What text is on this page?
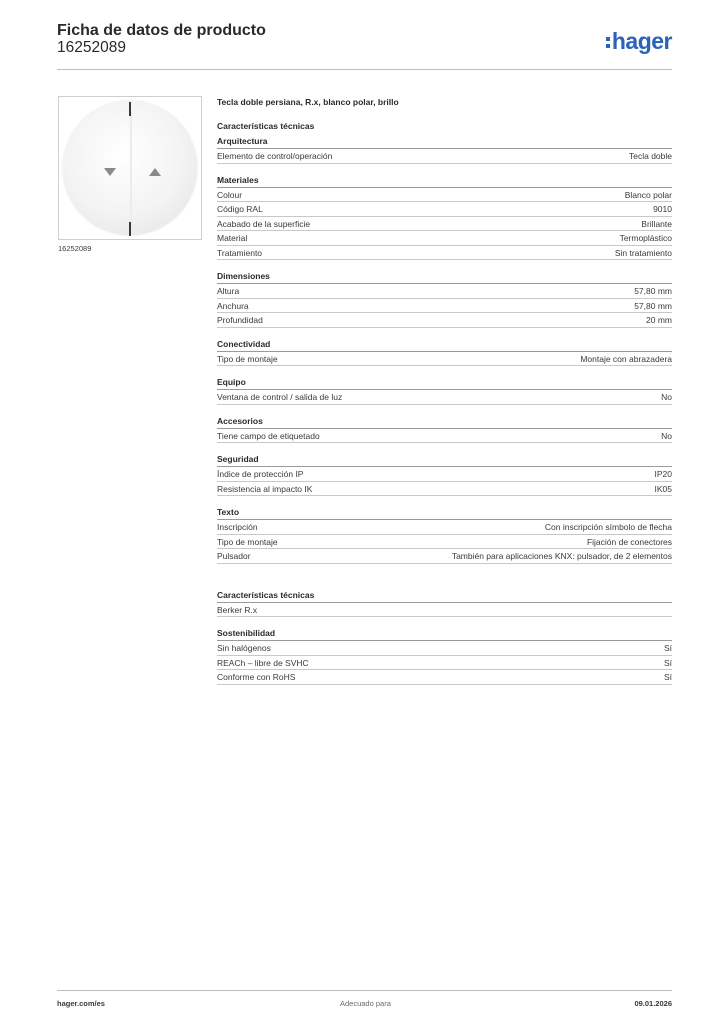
Ficha de datos de producto
16252089	hager
16252089
Tecla doble persiana, R.x, blanco polar, brillo
Características técnicas
Arquitectura
Elemento de control/operación	Tecla doble
Materiales
Colour	Blanco polar
Código RAL	9010
Acabado de la superficie	Brillante
Material	Termoplástico
Tratamiento	Sin tratamiento
Dimensiones
Altura	57,80 mm
Anchura	57,80 mm
Profundidad	20 mm
Conectividad
Tipo de montaje	Montaje con abrazadera
Equipo
Ventana de control / salida de luz	No
Accesorios
Tiene campo de etiquetado	No
Seguridad
Índice de protección IP	IP20
Resistencia al impacto IK	IK05
Texto
Inscripción	Con inscripción símbolo de flecha
Tipo de montaje	Fijación de conectores
Pulsador	También para aplicaciones KNX: pulsador, de 2 elementos
Características técnicas
Berker R.x
Sostenibilidad
Sin halógenos	Sí
REACh – libre de SVHC	Sí
Conforme con RoHS	Sí
hager.com/es	Adecuado para	09.01.2026
